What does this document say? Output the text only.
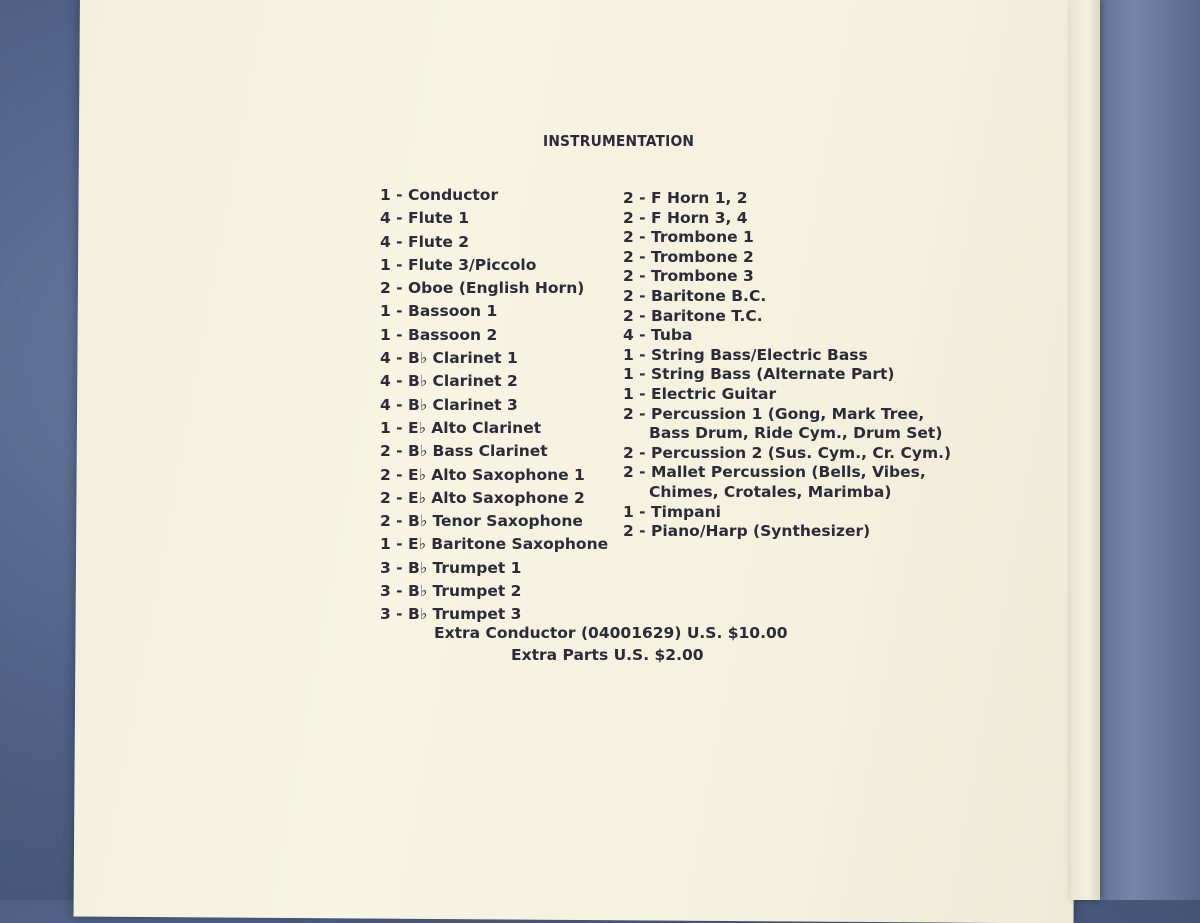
INSTRUMENTATION
1 - Conductor
4 - Flute 1
4 - Flute 2
1 - Flute 3/Piccolo
2 - Oboe (English Horn)
1 - Bassoon 1
1 - Bassoon 2
4 - B♭ Clarinet 1
4 - B♭ Clarinet 2
4 - B♭ Clarinet 3
1 - E♭ Alto Clarinet
2 - B♭ Bass Clarinet
2 - E♭ Alto Saxophone 1
2 - E♭ Alto Saxophone 2
2 - B♭ Tenor Saxophone
1 - E♭ Baritone Saxophone
3 - B♭ Trumpet 1
3 - B♭ Trumpet 2
3 - B♭ Trumpet 3
2 - F Horn 1, 2
2 - F Horn 3, 4
2 - Trombone 1
2 - Trombone 2
2 - Trombone 3
2 - Baritone B.C.
2 - Baritone T.C.
4 - Tuba
1 - String Bass/Electric Bass
1 - String Bass (Alternate Part)
1 - Electric Guitar
2 - Percussion 1 (Gong, Mark Tree,
Bass Drum, Ride Cym., Drum Set)
2 - Percussion 2 (Sus. Cym., Cr. Cym.)
2 - Mallet Percussion (Bells, Vibes,
Chimes, Crotales, Marimba)
1 - Timpani
2 - Piano/Harp (Synthesizer)
Extra Conductor (04001629) U.S. $10.00
Extra Parts U.S. $2.00
